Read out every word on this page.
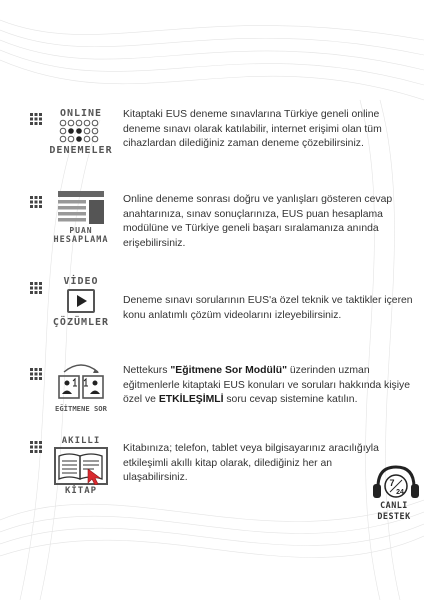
ONLINE
DENEMELER

Kitaptaki EUS deneme sınavlarına Türkiye geneli online deneme sınavı olarak katılabilir, internet erişimi olan tüm cihazlardan dilediğiniz zaman deneme çözebilirsiniz.

PUAN
HESAPLAMA

Online deneme sonrası doğru ve yanlışları gösteren cevap anahtarınıza, sınav sonuçlarınıza, EUS puan hesaplama modülüne ve Türkiye geneli başarı sıralamanıza anında erişebilirsiniz.

VİDEO
ÇÖZÜMLER

Deneme sınavı sorularının EUS'a özel teknik ve taktikler içeren konu anlatımlı çözüm videolarını izleyebilirsiniz.

EĞİTMENE SOR

Nettekurs "Eğitmene Sor Modülü" üzerinden uzman eğitmenlerle kitaptaki EUS konuları ve soruları hakkında kişiye özel ve ETKİLEŞİMLİ soru cevap sistemine katılın.

AKILLI
KİTAP

Kitabınıza; telefon, tablet veya bilgisayarınız aracılığıyla etkileşimli akıllı kitap olarak, dilediğiniz her an ulaşabilirsiniz.	7
24
CANLI
DESTEK
